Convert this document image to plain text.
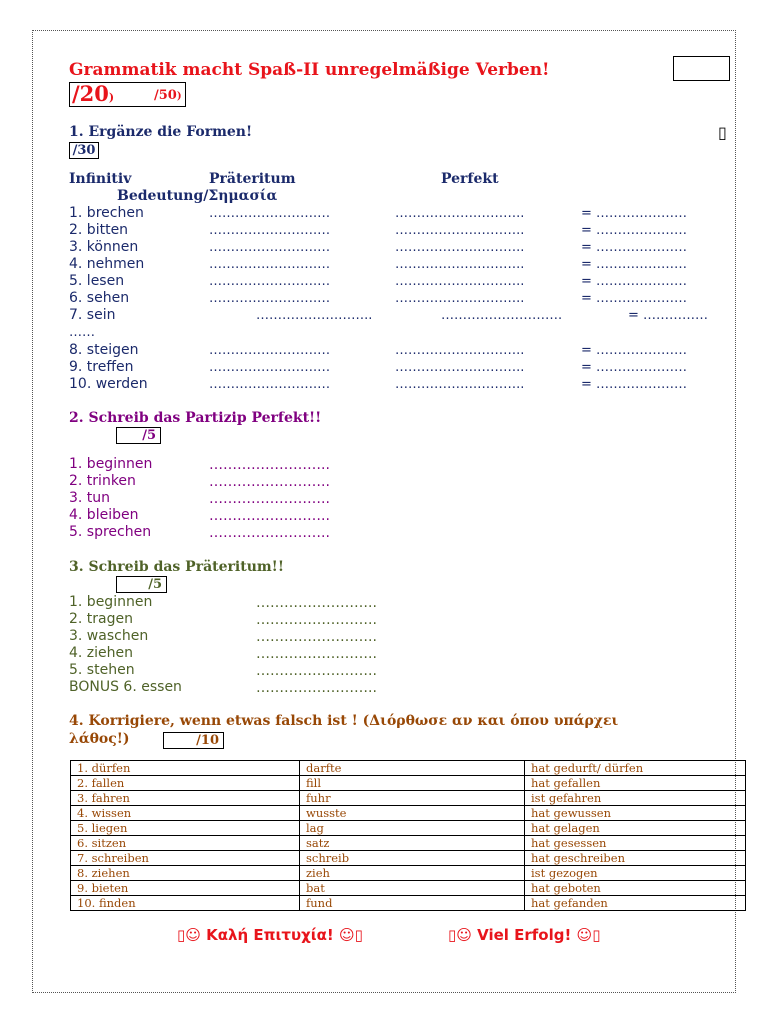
Grammatik macht Spaß-II unregelmäßige Verben!
/20)	/50)
1. Ergänze die Formen!	▯
/30
Infinitiv	Präteritum	Perfekt
Bedeutung/Σημασία
1. brechen	…………………….…	……………….………..	= …………………
2. bitten	…………………….…	……………….………..	= …………………
3. können	…………………….…	……………….………..	= …………………
4. nehmen	…………………….…	……………….………..	= …………………
5. lesen	…………………….…	……………….………..	= …………………
6. sehen	…………………….…	……………….………..	= …………………
8. steigen	…………………….…	……………….………..	= …………………
9. treffen	…………………….…	……………….………..	= …………………
10. werden	…………………….…	……………….………..	= …………………
7. sein	……………….……..	……………………….	= ……………
……
2. Schreib das Partizip Perfekt!!
/5
1. beginnen	……………………..
2. trinken	……………………..
3. tun	……………………..
4. bleiben	……………………..
5. sprechen	……………………..
3. Schreib das Präteritum!!
/5
1. beginnen	……………………..
2. tragen	……………………..
3. waschen	……………………..
4. ziehen	……………………..
5. stehen	……………………..
BONUS 6. essen	……………………..
4. Korrigiere, wenn etwas falsch ist ! (Διόρθωσε αν και όπου υπάρχει
λάθος!)	/10
1. dürfen	darfte	hat gedurft/ dürfen
2. fallen	fill	hat gefallen
3. fahren	fuhr	ist gefahren
4. wissen	wusste	hat gewussen
5. liegen	lag	hat gelagen
6. sitzen	satz	hat gesessen
7. schreiben	schreib	hat geschreiben
8. ziehen	zieh	ist gezogen
9. bieten	bat	hat geboten
10. finden	fund	hat gefanden
▯☺ Καλή Επιτυχία! ☺▯	▯☺ Viel Erfolg! ☺▯
